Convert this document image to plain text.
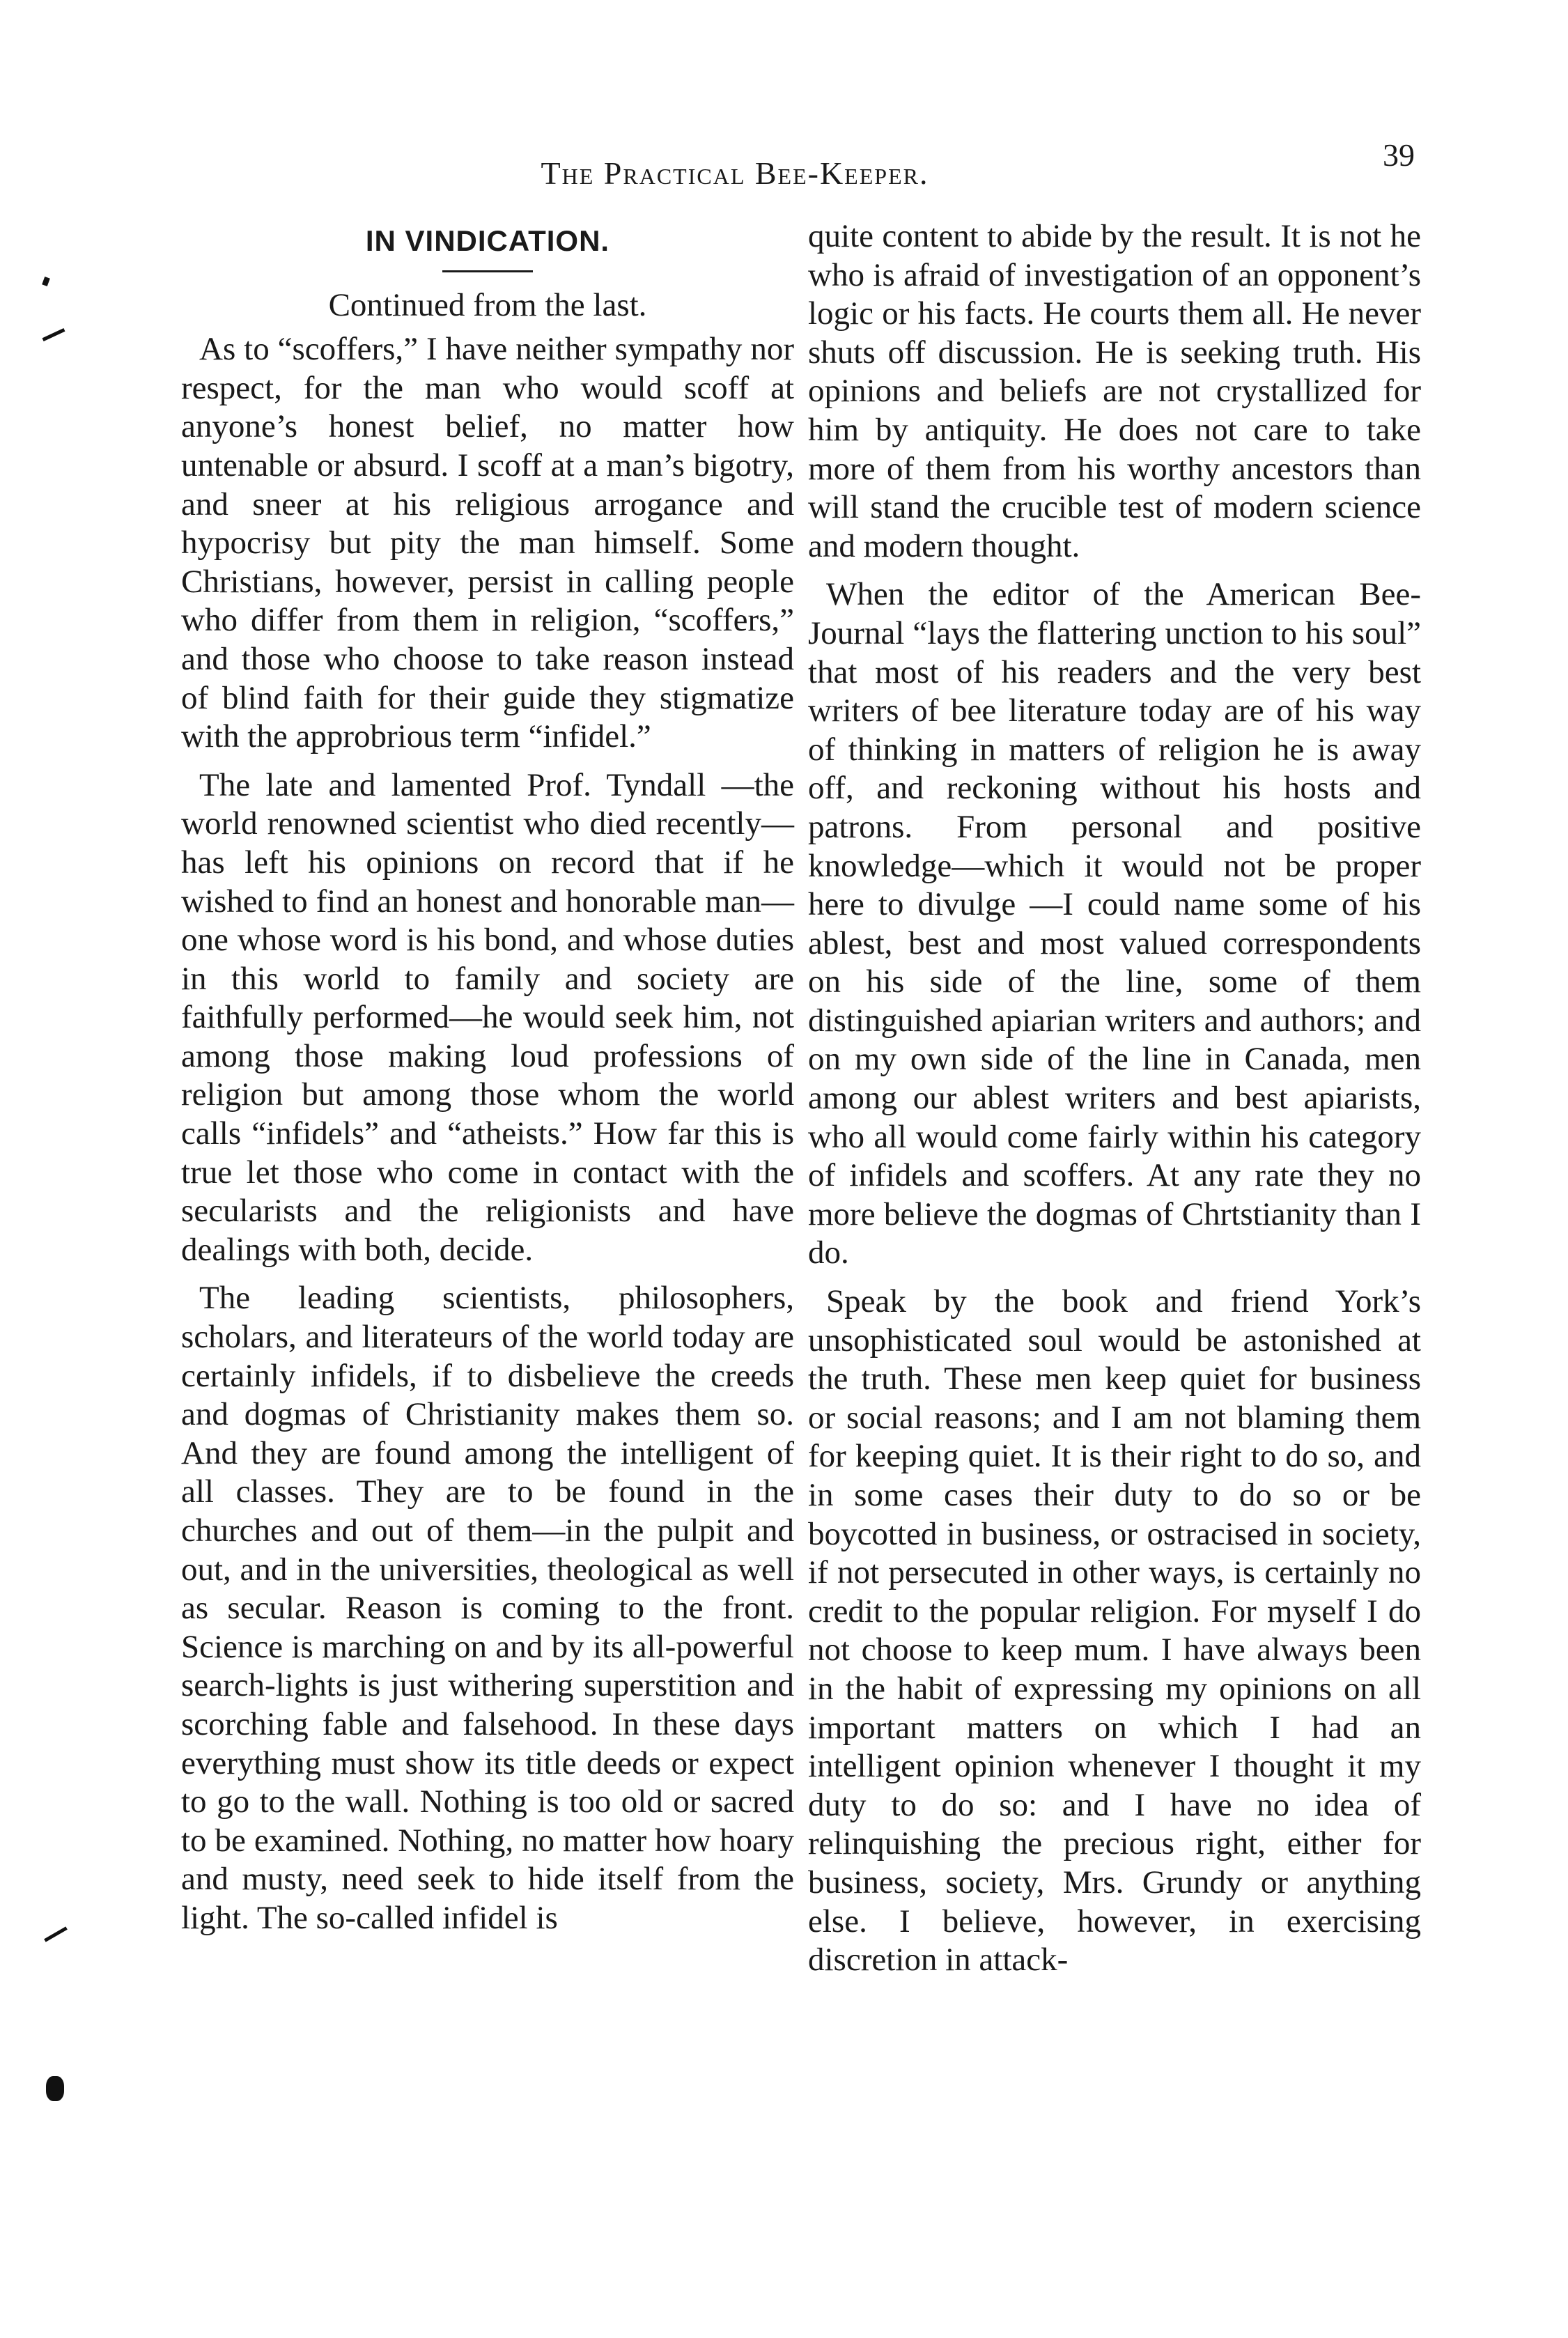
The Practical Bee-Keeper.
39
IN VINDICATION.
Continued from the last.

As to “scoffers,” I have neither sympathy nor respect, for the man who would scoff at anyone’s honest belief, no matter how untenable or absurd. I scoff at a man’s bigotry, and sneer at his religious arrogance and hypocrisy but pity the man himself. Some Christians, however, persist in calling people who differ from them in religion, “scoffers,” and those who choose to take reason instead of blind faith for their guide they stigmatize with the approbrious term “infidel.”

The late and lamented Prof. Tyndall —the world renowned scientist who died recently—has left his opinions on record that if he wished to find an honest and honorable man—one whose word is his bond, and whose duties in this world to family and society are faithfully performed—he would seek him, not among those making loud professions of religion but among those whom the world calls “infidels” and “atheists.” How far this is true let those who come in contact with the secularists and the religionists and have dealings with both, decide.

The leading scientists, philosophers, scholars, and literateurs of the world today are certainly infidels, if to disbelieve the creeds and dogmas of Christianity makes them so. And they are found among the intelligent of all classes. They are to be found in the churches and out of them—in the pulpit and out, and in the universities, theological as well as secular. Reason is coming to the front. Science is marching on and by its all-powerful search-lights is just withering superstition and scorching fable and falsehood. In these days everything must show its title deeds or expect to go to the wall. Nothing is too old or sacred to be examined. Nothing, no matter how hoary and musty, need seek to hide itself from the light. The so-called infidel is

quite content to abide by the result. It is not he who is afraid of investigation of an opponent’s logic or his facts. He courts them all. He never shuts off discussion. He is seeking truth. His opinions and beliefs are not crystallized for him by antiquity. He does not care to take more of them from his worthy ancestors than will stand the crucible test of modern science and modern thought.

When the editor of the American Bee-Journal “lays the flattering unction to his soul” that most of his readers and the very best writers of bee literature today are of his way of thinking in matters of religion he is away off, and reckoning without his hosts and patrons. From personal and positive knowledge—which it would not be proper here to divulge —I could name some of his ablest, best and most valued correspondents on his side of the line, some of them distinguished apiarian writers and authors; and on my own side of the line in Canada, men among our ablest writers and best apiarists, who all would come fairly within his category of infidels and scoffers. At any rate they no more believe the dogmas of Chrtstianity than I do.

Speak by the book and friend York’s unsophisticated soul would be astonished at the truth. These men keep quiet for business or social reasons; and I am not blaming them for keeping quiet. It is their right to do so, and in some cases their duty to do so or be boycotted in business, or ostracised in society, if not persecuted in other ways, is certainly no credit to the popular religion. For myself I do not choose to keep mum. I have always been in the habit of expressing my opinions on all important matters on which I had an intelligent opinion whenever I thought it my duty to do so: and I have no idea of relinquishing the precious right, either for business, society, Mrs. Grundy or anything else. I believe, however, in exercising discretion in attack-
